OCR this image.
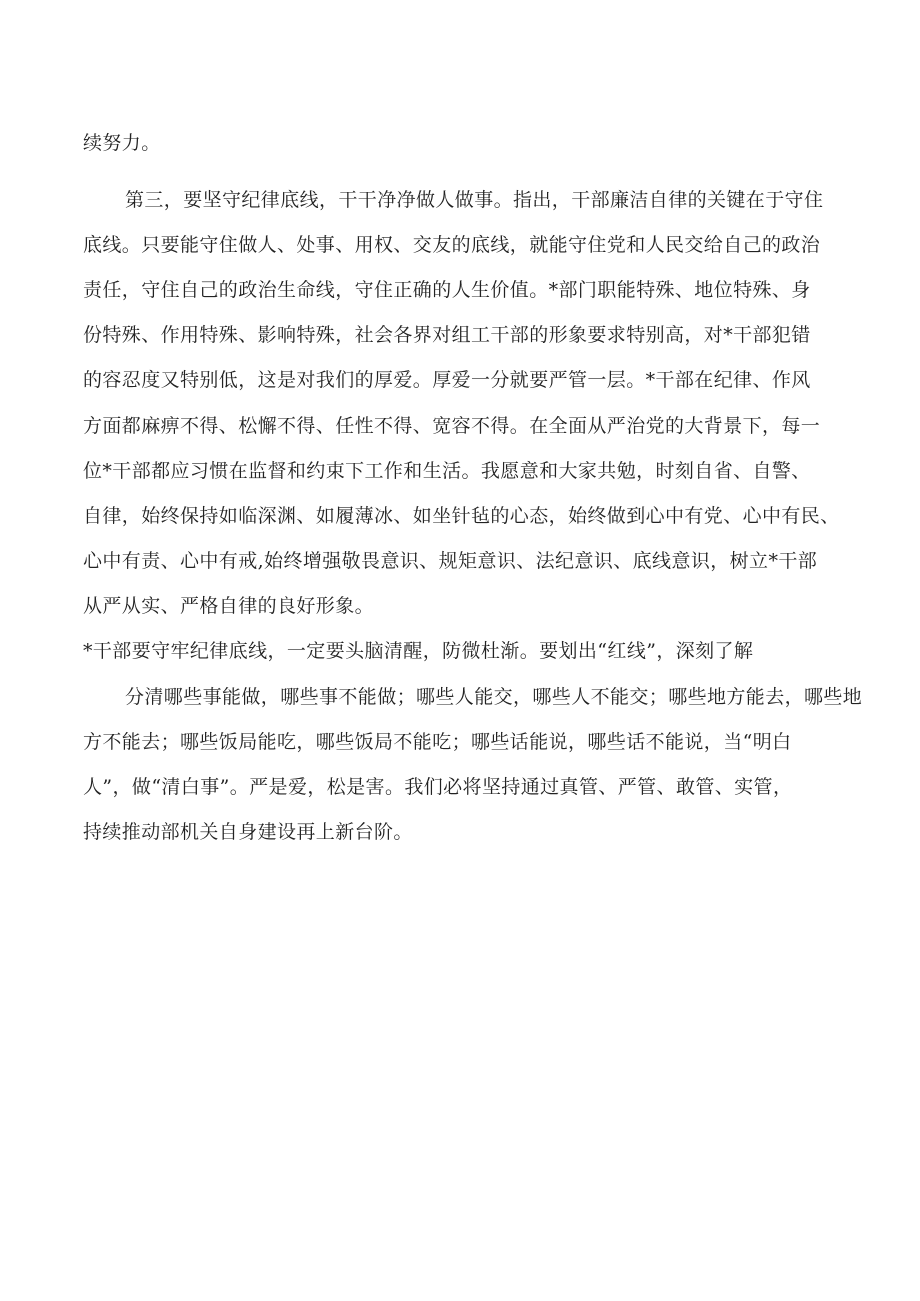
续努力。
第三，要坚守纪律底线，干干净净做人做事。指出，干部廉洁自律的关键在于守住
底线。只要能守住做人、处事、用权、交友的底线，就能守住党和人民交给自己的政治
责任，守住自己的政治生命线，守住正确的人生价值。*部门职能特殊、地位特殊、身
份特殊、作用特殊、影响特殊，社会各界对组工干部的形象要求特别高，对*干部犯错
的容忍度又特别低，这是对我们的厚爱。厚爱一分就要严管一层。*干部在纪律、作风
方面都麻痹不得、松懈不得、任性不得、宽容不得。在全面从严治党的大背景下，每一
位*干部都应习惯在监督和约束下工作和生活。我愿意和大家共勉，时刻自省、自警、
自律，始终保持如临深渊、如履薄冰、如坐针毡的心态，始终做到心中有党、心中有民、
心中有责、心中有戒,始终增强敬畏意识、规矩意识、法纪意识、底线意识，树立*干部
从严从实、严格自律的良好形象。
*干部要守牢纪律底线，一定要头脑清醒，防微杜渐。要划出“红线”，深刻了解
分清哪些事能做，哪些事不能做；哪些人能交，哪些人不能交；哪些地方能去，哪些地
方不能去；哪些饭局能吃，哪些饭局不能吃；哪些话能说，哪些话不能说，当“明白
人”，做“清白事”。严是爱，松是害。我们必将坚持通过真管、严管、敢管、实管，
持续推动部机关自身建设再上新台阶。
